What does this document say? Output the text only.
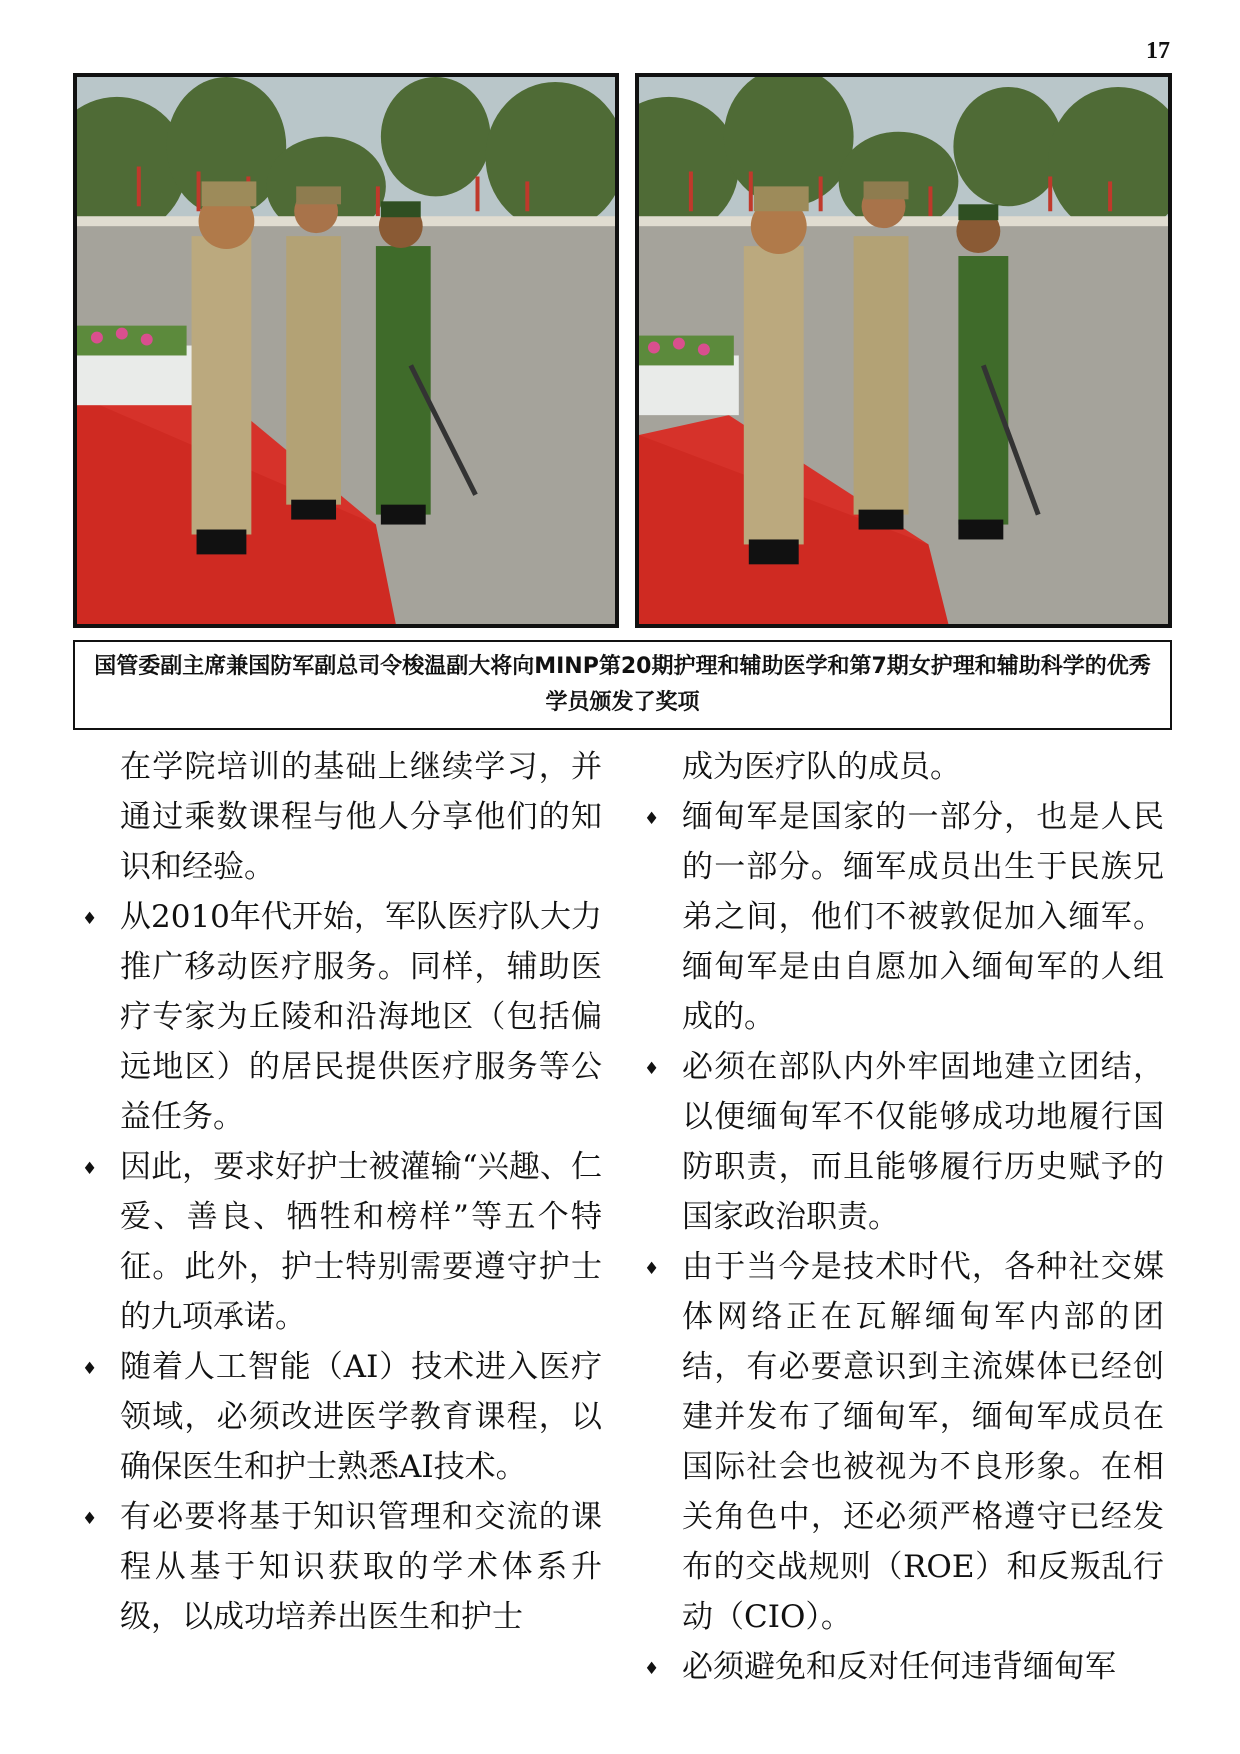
17
国管委副主席兼国防军副总司令梭温副大将向MINP第20期护理和辅助医学和第7期女护理和辅助科学的优秀学员颁发了奖项

在学院培训的基础上继续学习，并通过乘数课程与他人分享他们的知识和经验。

♦ 从2010年代开始，军队医疗队大力推广移动医疗服务。同样，辅助医疗专家为丘陵和沿海地区（包括偏远地区）的居民提供医疗服务等公益任务。

♦ 因此，要求好护士被灌输“兴趣、仁爱、善良、牺牲和榜样”等五个特征。此外，护士特别需要遵守护士的九项承诺。

♦ 随着人工智能（AI）技术进入医疗领域，必须改进医学教育课程，以确保医生和护士熟悉AI技术。

♦ 有必要将基于知识管理和交流的课程从基于知识获取的学术体系升级，以成功培养出医生和护士

成为医疗队的成员。

♦ 缅甸军是国家的一部分，也是人民的一部分。缅军成员出生于民族兄弟之间，他们不被敦促加入缅军。缅甸军是由自愿加入缅甸军的人组成的。

♦ 必须在部队内外牢固地建立团结，以便缅甸军不仅能够成功地履行国防职责，而且能够履行历史赋予的国家政治职责。

♦ 由于当今是技术时代，各种社交媒体网络正在瓦解缅甸军内部的团结，有必要意识到主流媒体已经创建并发布了缅甸军，缅甸军成员在国际社会也被视为不良形象。在相关角色中，还必须严格遵守已经发布的交战规则（ROE）和反叛乱行动（CIO）。

♦ 必须避免和反对任何违背缅甸军
